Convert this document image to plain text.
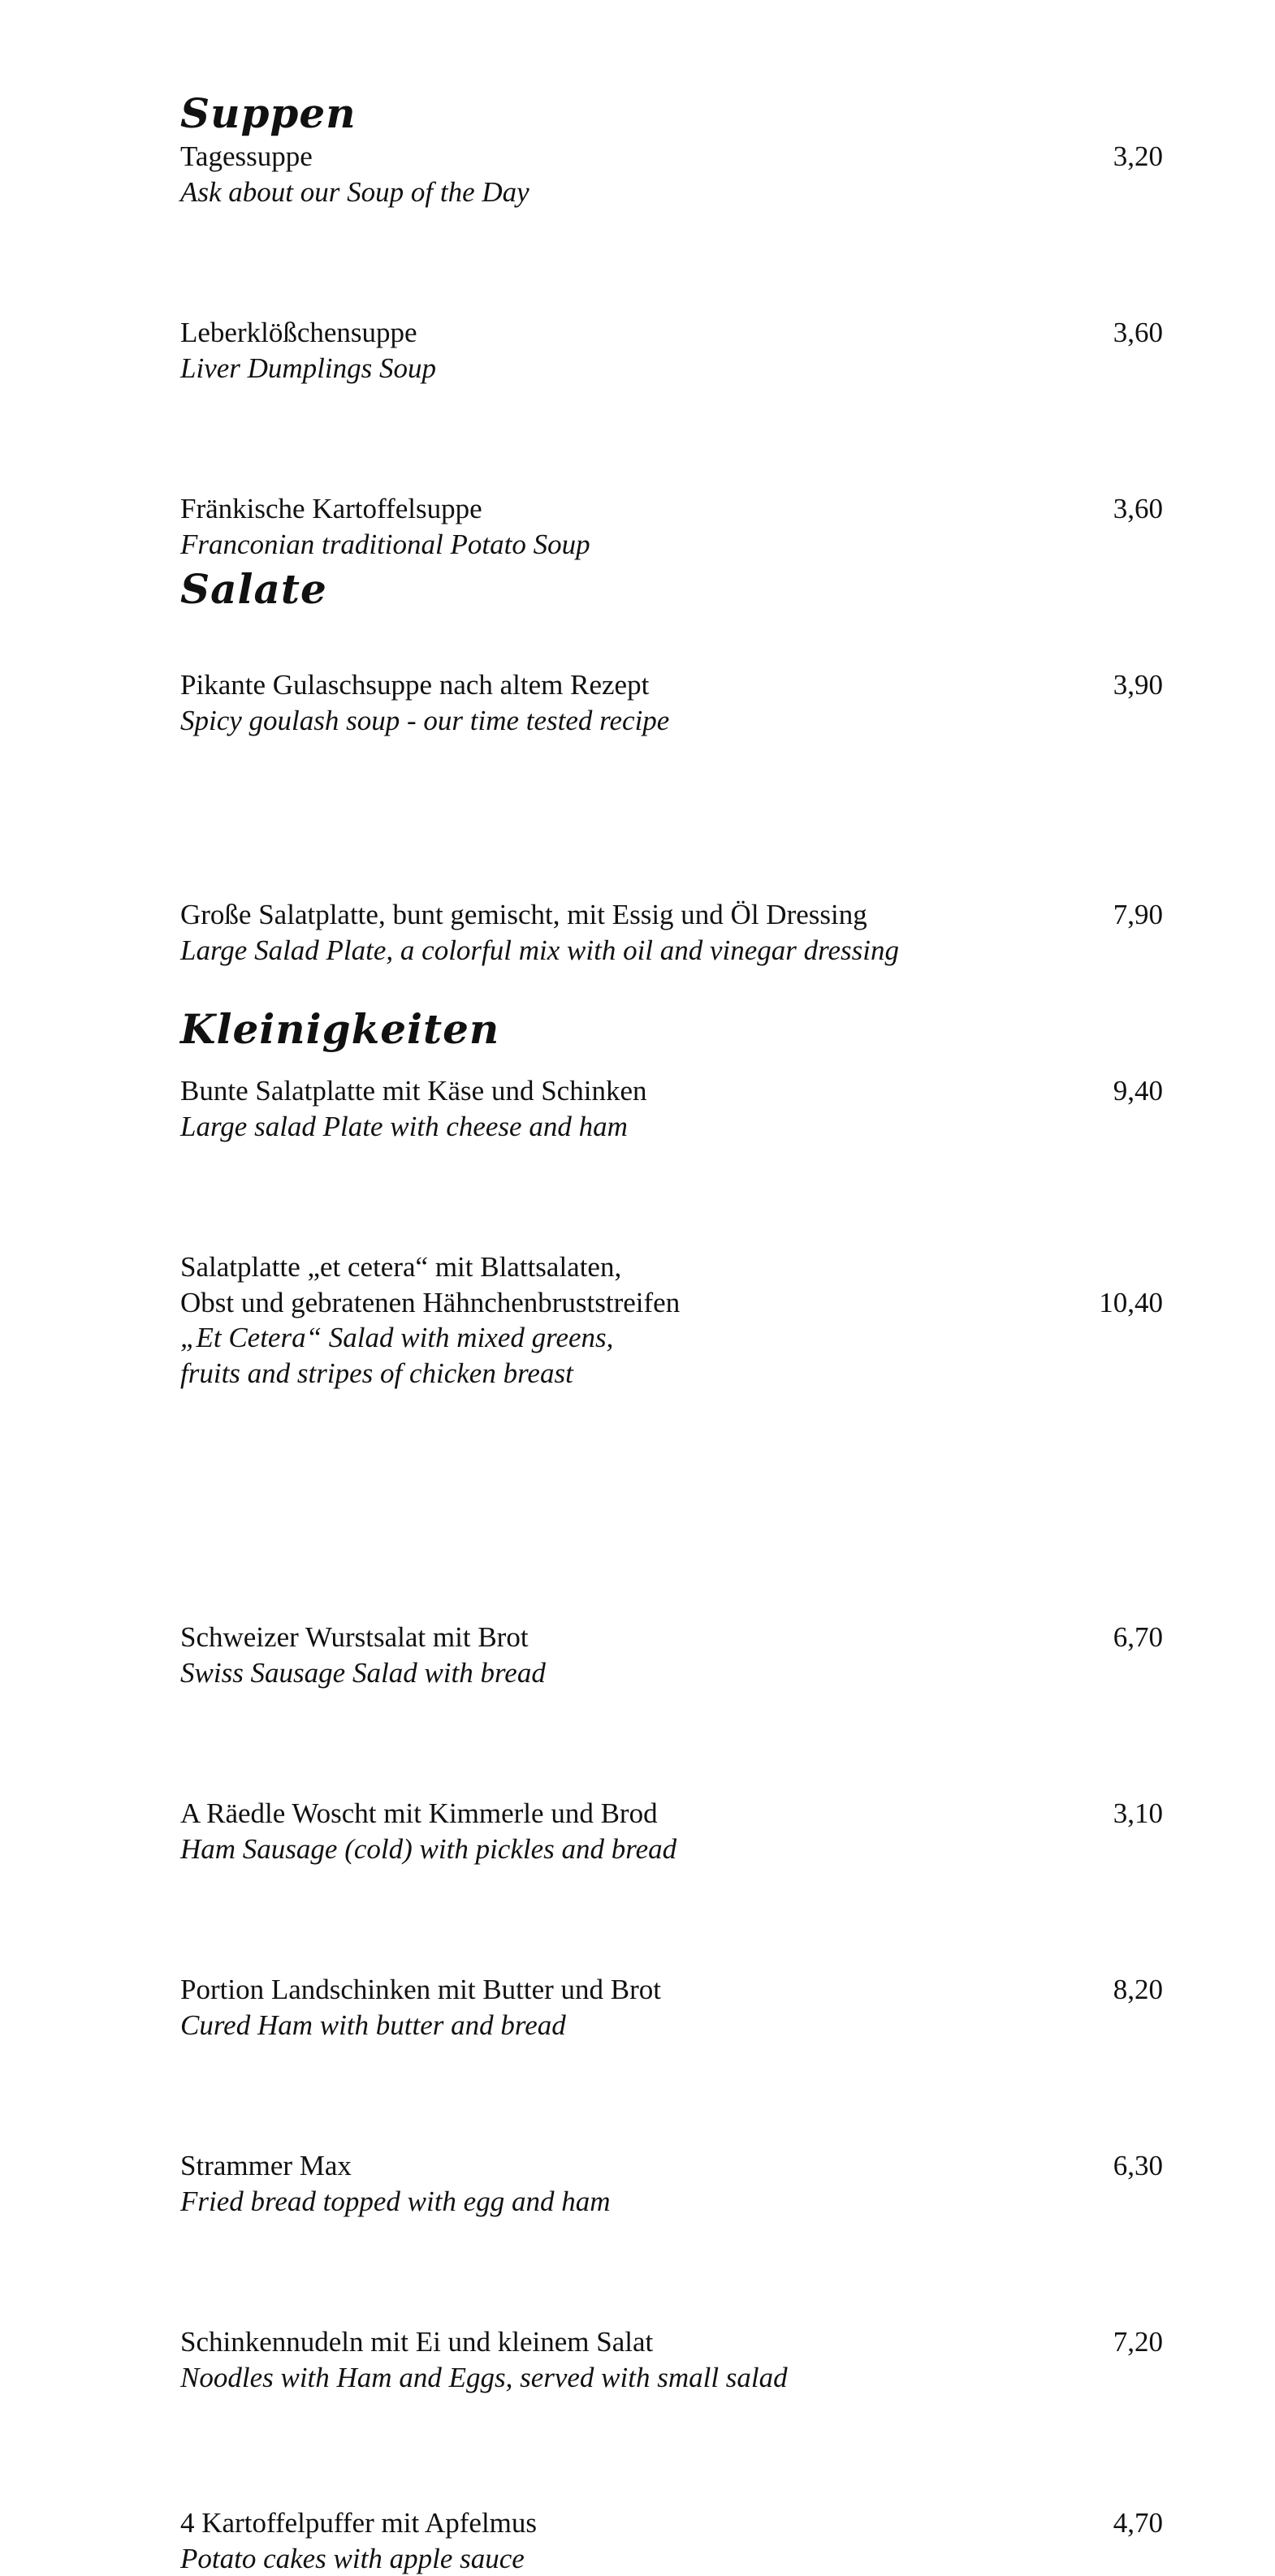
Suppen
Tagessuppe
Ask about our Soup of the Day
3,20
Leberklößchensuppe
Liver Dumplings Soup
3,60
Fränkische Kartoffelsuppe
Franconian traditional Potato Soup
3,60
Pikante Gulaschsuppe nach altem Rezept
Spicy goulash soup - our time tested recipe
3,90
Salate
Große Salatplatte, bunt gemischt, mit Essig und Öl Dressing
Large Salad Plate, a colorful mix with oil and vinegar dressing
7,90
Bunte Salatplatte mit Käse und Schinken
Large salad Plate with cheese and ham
9,40
Salatplatte „et cetera“ mit Blattsalaten,
Obst und gebratenen Hähnchenbruststreifen
„Et Cetera“ Salad with mixed greens,
fruits and stripes of chicken breast
10,40
Kleinigkeiten
Schweizer Wurstsalat mit Brot
Swiss Sausage Salad with bread
6,70
A Räedle Woscht mit Kimmerle und Brod
Ham Sausage (cold) with pickles and bread
3,10
Portion Landschinken mit Butter und Brot
Cured Ham with butter and bread
8,20
Strammer Max
Fried bread topped with egg and ham
6,30
Schinkennudeln mit Ei und kleinem Salat
Noodles with Ham and Eggs, served with small salad
7,20
4 Kartoffelpuffer mit Apfelmus
Potato cakes with apple sauce
4,70
